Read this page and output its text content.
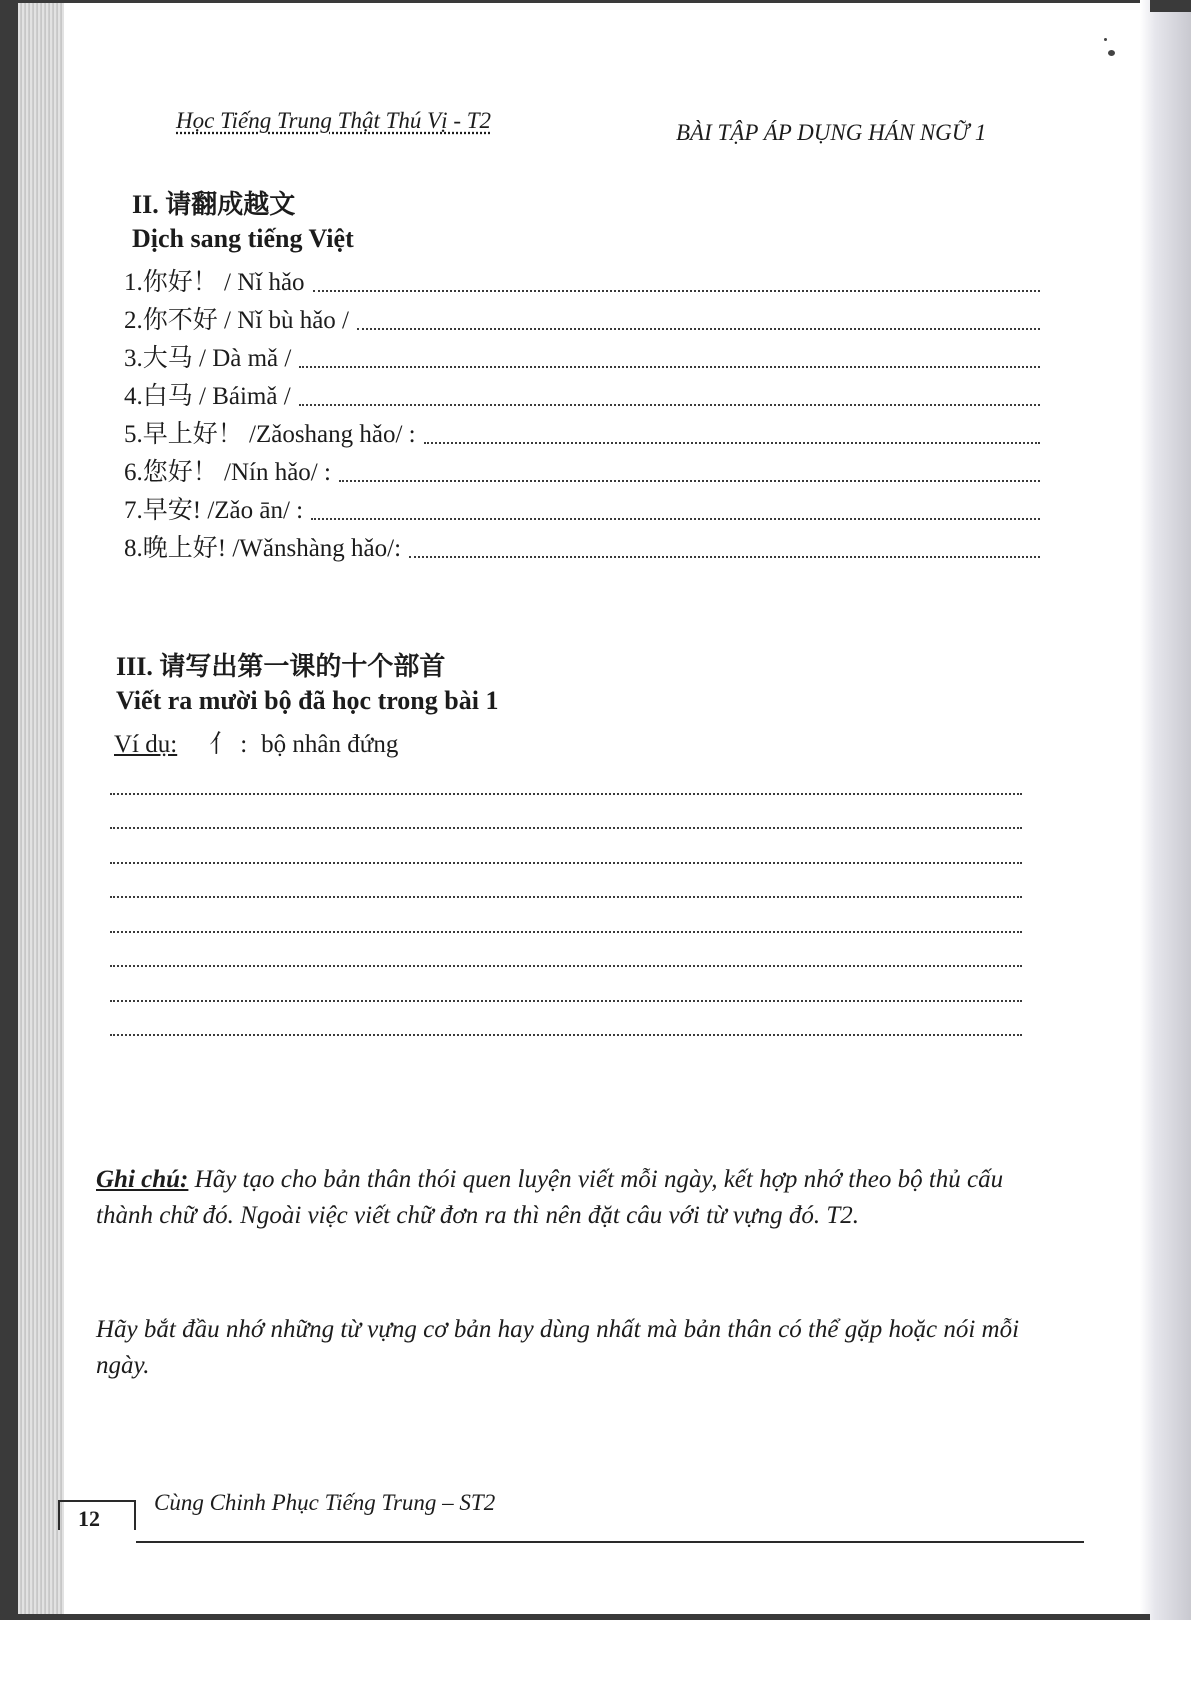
Học Tiếng Trung Thật Thú Vị - T2	BÀI TẬP ÁP DỤNG HÁN NGỮ 1
II. 请翻成越文
Dịch sang tiếng Việt
1.你好！ / Nǐ hǎo
2.你不好 / Nǐ bù hǎo /
3.大马 / Dà mǎ /
4.白马 / Báimǎ /
5.早上好！ /Zǎoshang hǎo/ :
6.您好！ /Nín hǎo/ :
7.早安! /Zǎo ān/ :
8.晚上好! /Wǎnshàng hǎo/:
III. 请写出第一课的十个部首
Viết ra mười bộ đã học trong bài 1
Ví dụ: 亻 : bộ nhân đứng
Ghi chú: Hãy tạo cho bản thân thói quen luyện viết mỗi ngày, kết hợp nhớ theo bộ thủ cấu thành chữ đó. Ngoài việc viết chữ đơn ra thì nên đặt câu với từ vựng đó. T2.
Hãy bắt đầu nhớ những từ vựng cơ bản hay dùng nhất mà bản thân có thể gặp hoặc nói mỗi ngày.
12
Cùng Chinh Phục Tiếng Trung – ST2
